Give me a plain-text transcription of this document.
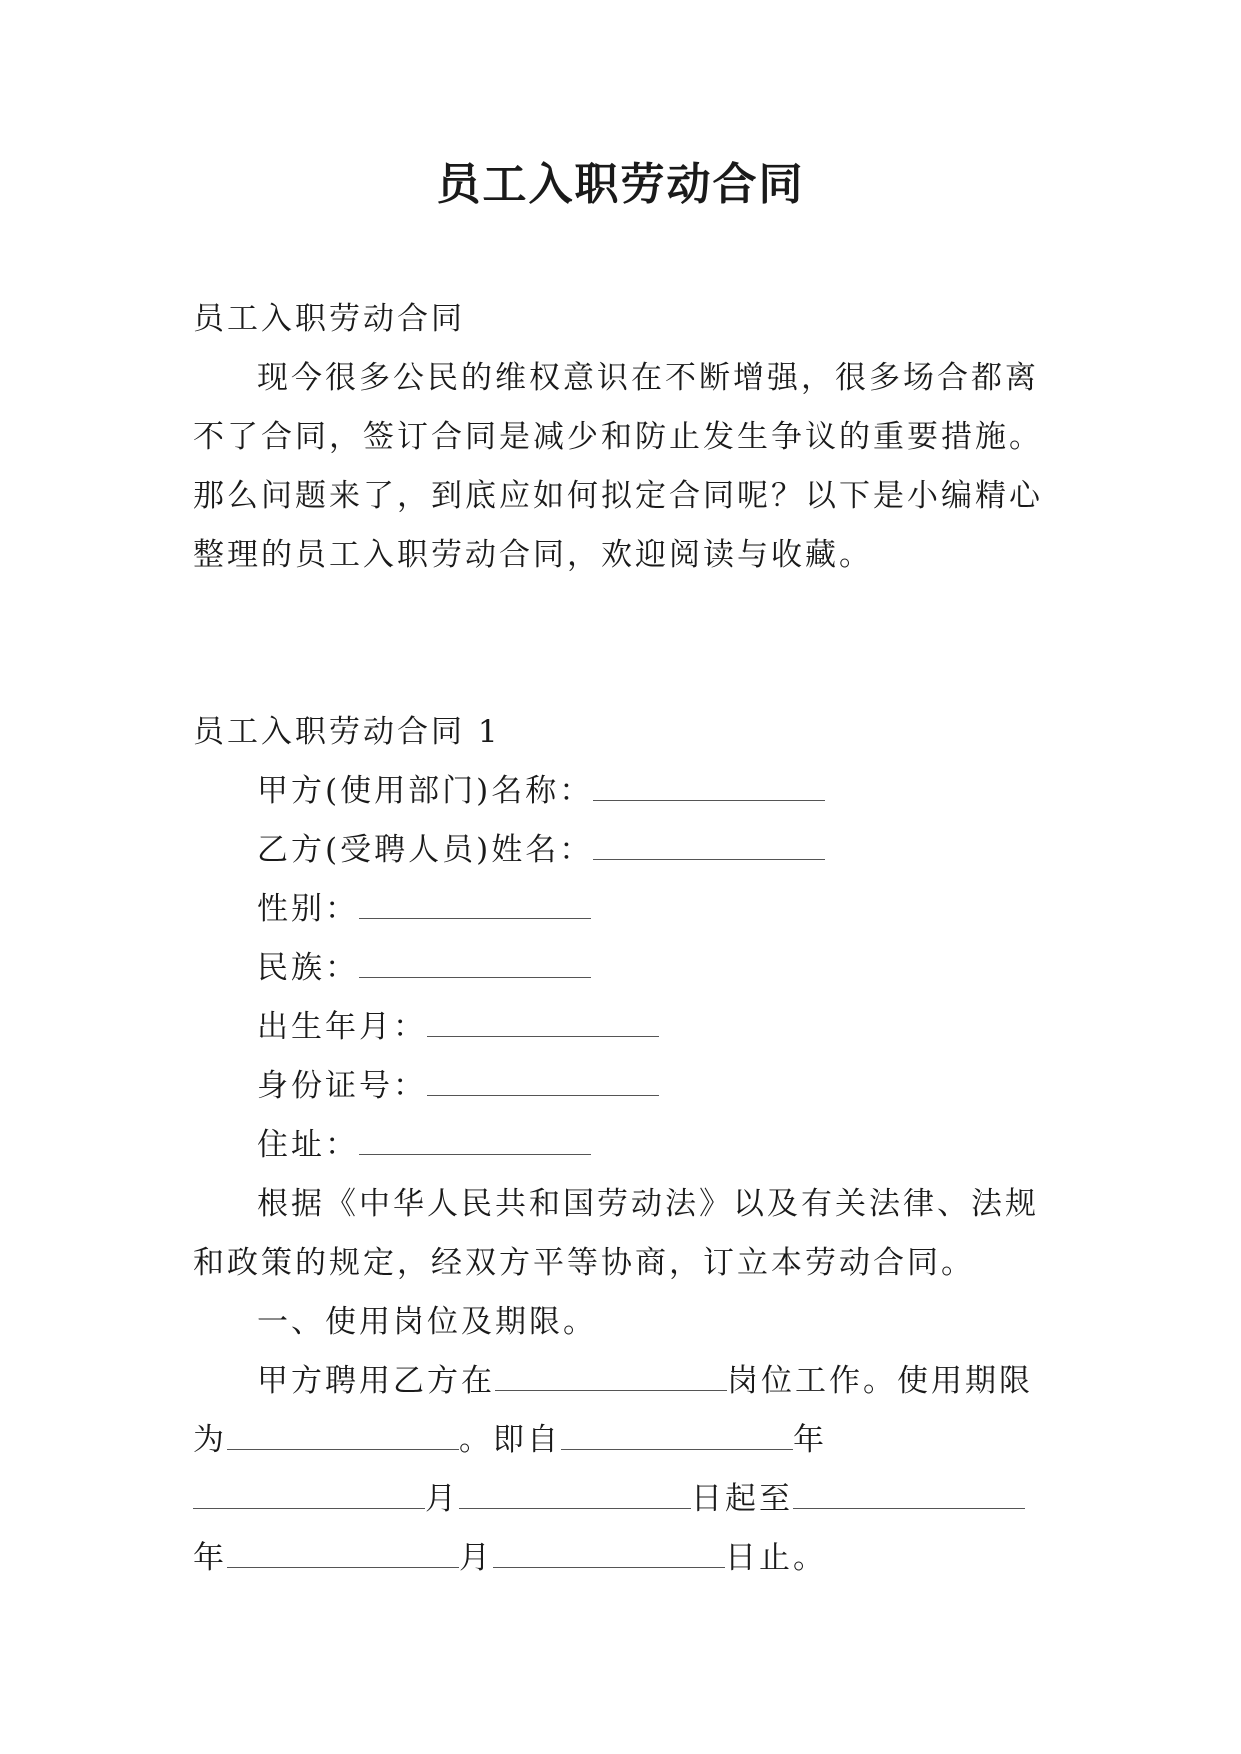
员工入职劳动合同

员工入职劳动合同

现今很多公民的维权意识在不断增强，很多场合都离不了合同，签订合同是减少和防止发生争议的重要措施。那么问题来了，到底应如何拟定合同呢？以下是小编精心整理的员工入职劳动合同，欢迎阅读与收藏。

员工入职劳动合同 1

甲方(使用部门)名称：

乙方(受聘人员)姓名：

性别：

民族：

出生年月：

身份证号：

住址：

根据《中华人民共和国劳动法》以及有关法律、法规和政策的规定，经双方平等协商，订立本劳动合同。

一、使用岗位及期限。

甲方聘用乙方在	岗位工作。使用期限为	。即自	年月	日起至年	月	日止。
